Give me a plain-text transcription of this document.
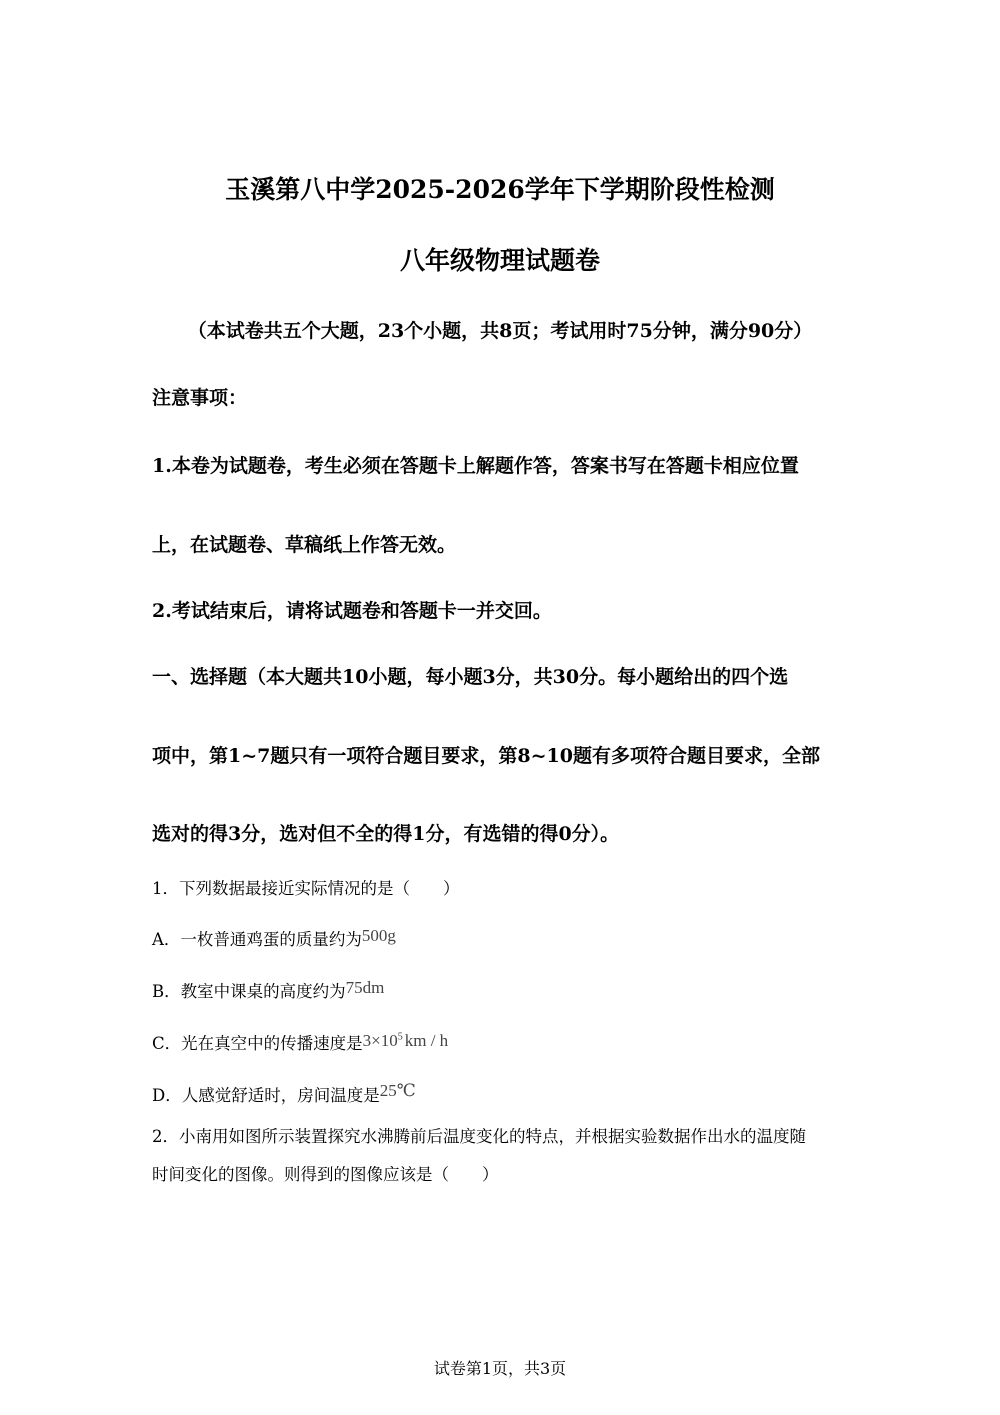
玉溪第八中学2025-2026学年下学期阶段性检测
八年级物理试题卷
（本试卷共五个大题，23个小题，共8页；考试用时75分钟，满分90分）
注意事项：
1.本卷为试题卷，考生必须在答题卡上解题作答，答案书写在答题卡相应位置
上，在试题卷、草稿纸上作答无效。
2.考试结束后，请将试题卷和答题卡一并交回。
一、选择题（本大题共10小题，每小题3分，共30分。每小题给出的四个选
项中，第1~7题只有一项符合题目要求，第8~10题有多项符合题目要求，全部
选对的得3分，选对但不全的得1分，有选错的得0分）。
1．下列数据最接近实际情况的是（　　）
A．一枚普通鸡蛋的质量约为500g
B．教室中课桌的高度约为75dm
C．光在真空中的传播速度是$3\times 10^5$ km / h
D．人感觉舒适时，房间温度是25℃
2．小南用如图所示装置探究水沸腾前后温度变化的特点，并根据实验数据作出水的温度随
时间变化的图像。则得到的图像应该是（　　）
试卷第1页，共3页
